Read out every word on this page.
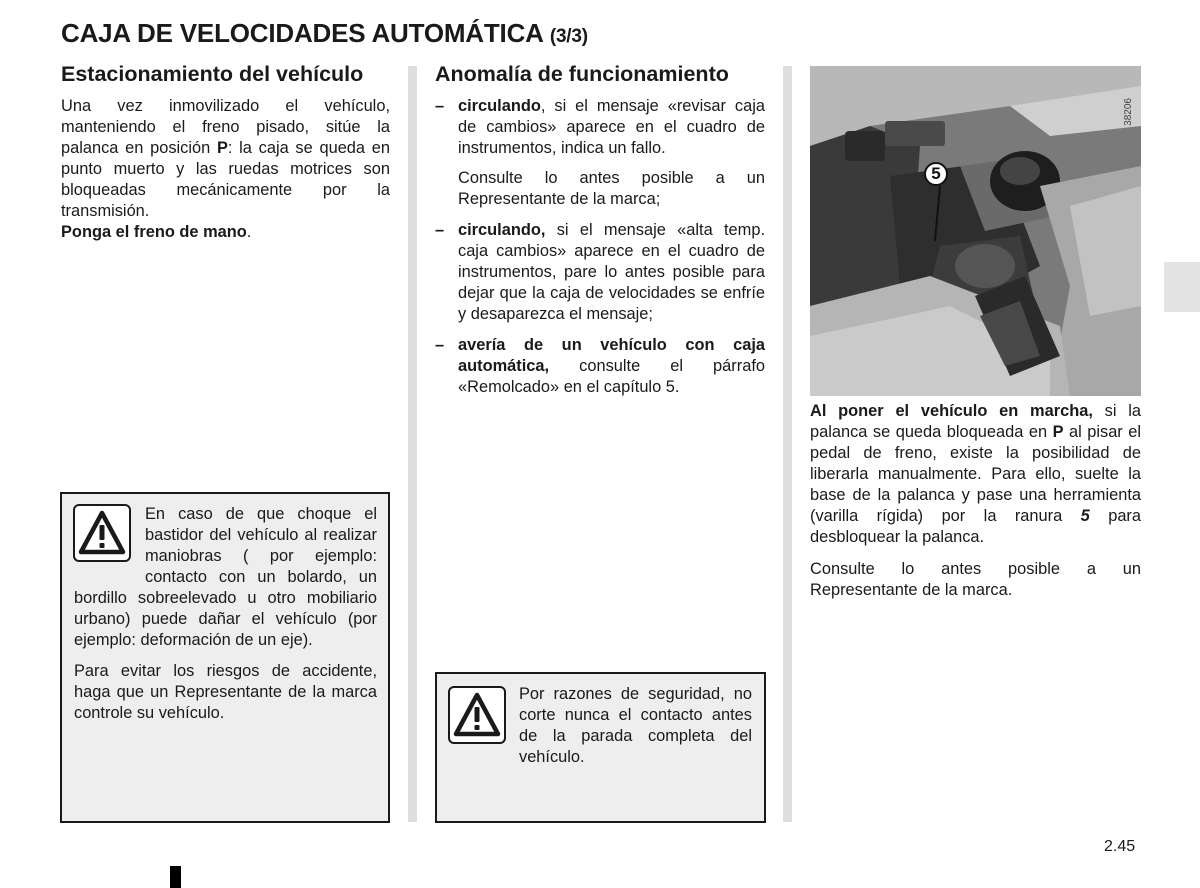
CAJA DE VELOCIDADES AUTOMÁTICA (3/3)
Estacionamiento del vehículo

Una vez inmovilizado el vehículo, manteniendo el freno pisado, sitúe la palanca en posición P: la caja se queda en punto muerto y las ruedas motrices son bloqueadas mecánicamente por la transmisión.
Ponga el freno de mano.

En caso de que choque el bastidor del vehículo al realizar maniobras ( por ejemplo: contacto con un bolardo, un bordillo sobreelevado u otro mobiliario urbano) puede dañar el vehículo (por ejemplo: deformación de un eje).

Para evitar los riesgos de accidente, haga que un Representante de la marca controle su vehículo.

Anomalía de funcionamiento
– circulando, si el mensaje «revisar caja de cambios» aparece en el cuadro de instrumentos, indica un fallo.

Consulte lo antes posible a un Representante de la marca;

– circulando, si el mensaje «alta temp. caja cambios» aparece en el cuadro de instrumentos, pare lo antes posible para dejar que la caja de velocidades se enfríe y desaparezca el mensaje;

– avería de un vehículo con caja automática, consulte el párrafo «Remolcado» en el capítulo 5.

Por razones de seguridad, no corte nunca el contacto antes de la parada completa del vehículo.

38206
5

Al poner el vehículo en marcha, si la palanca se queda bloqueada en P al pisar el pedal de freno, existe la posibilidad de liberarla manualmente. Para ello, suelte la base de la palanca y pase una herramienta (varilla rígida) por la ranura 5 para desbloquear la palanca.

Consulte lo antes posible a un Representante de la marca.

2.45
